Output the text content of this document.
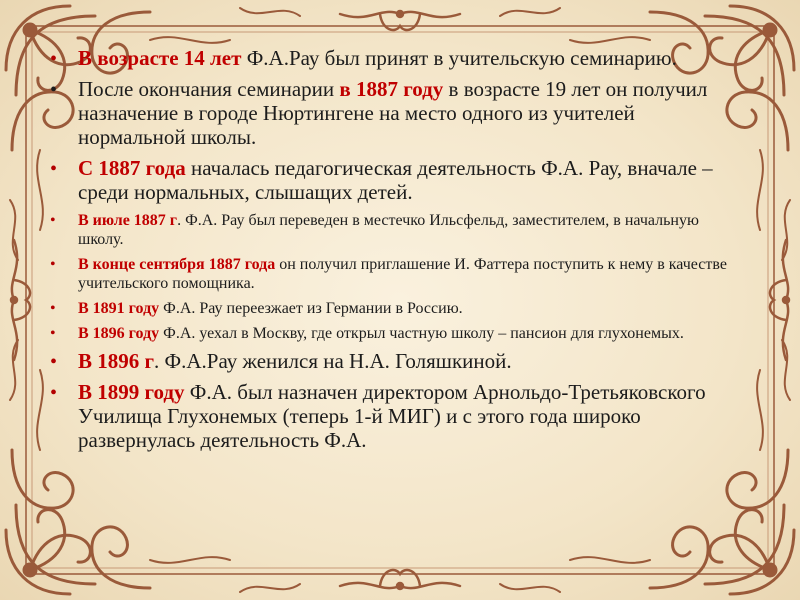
• В возрасте 14 лет Ф.А.Рау был принят в учительскую семинарию.
• После окончания семинарии в 1887 году в возрасте 19 лет он получил назначение в городе Нюртингене на место одного из учителей нормальной школы.
• С 1887 года началась педагогическая деятельность Ф.А. Рау, вначале – среди нормальных, слышащих детей.
• В июле 1887 г. Ф.А. Рау был переведен в местечко Ильсфельд, заместителем, в начальную школу.
• В конце сентября 1887 года он получил приглашение И. Фаттера поступить к нему в качестве учительского помощника.
• В 1891 году Ф.А. Рау переезжает из Германии в Россию.
• В 1896 году Ф.А. уехал в Москву, где открыл частную школу – пансион для глухонемых.
• В 1896 г. Ф.А.Рау женился на Н.А. Голяшкиной.
• В 1899 году Ф.А. был назначен директором Арнольдо-Третьяковского Училища Глухонемых (теперь 1-й МИГ) и с этого года широко развернулась деятельность Ф.А.
